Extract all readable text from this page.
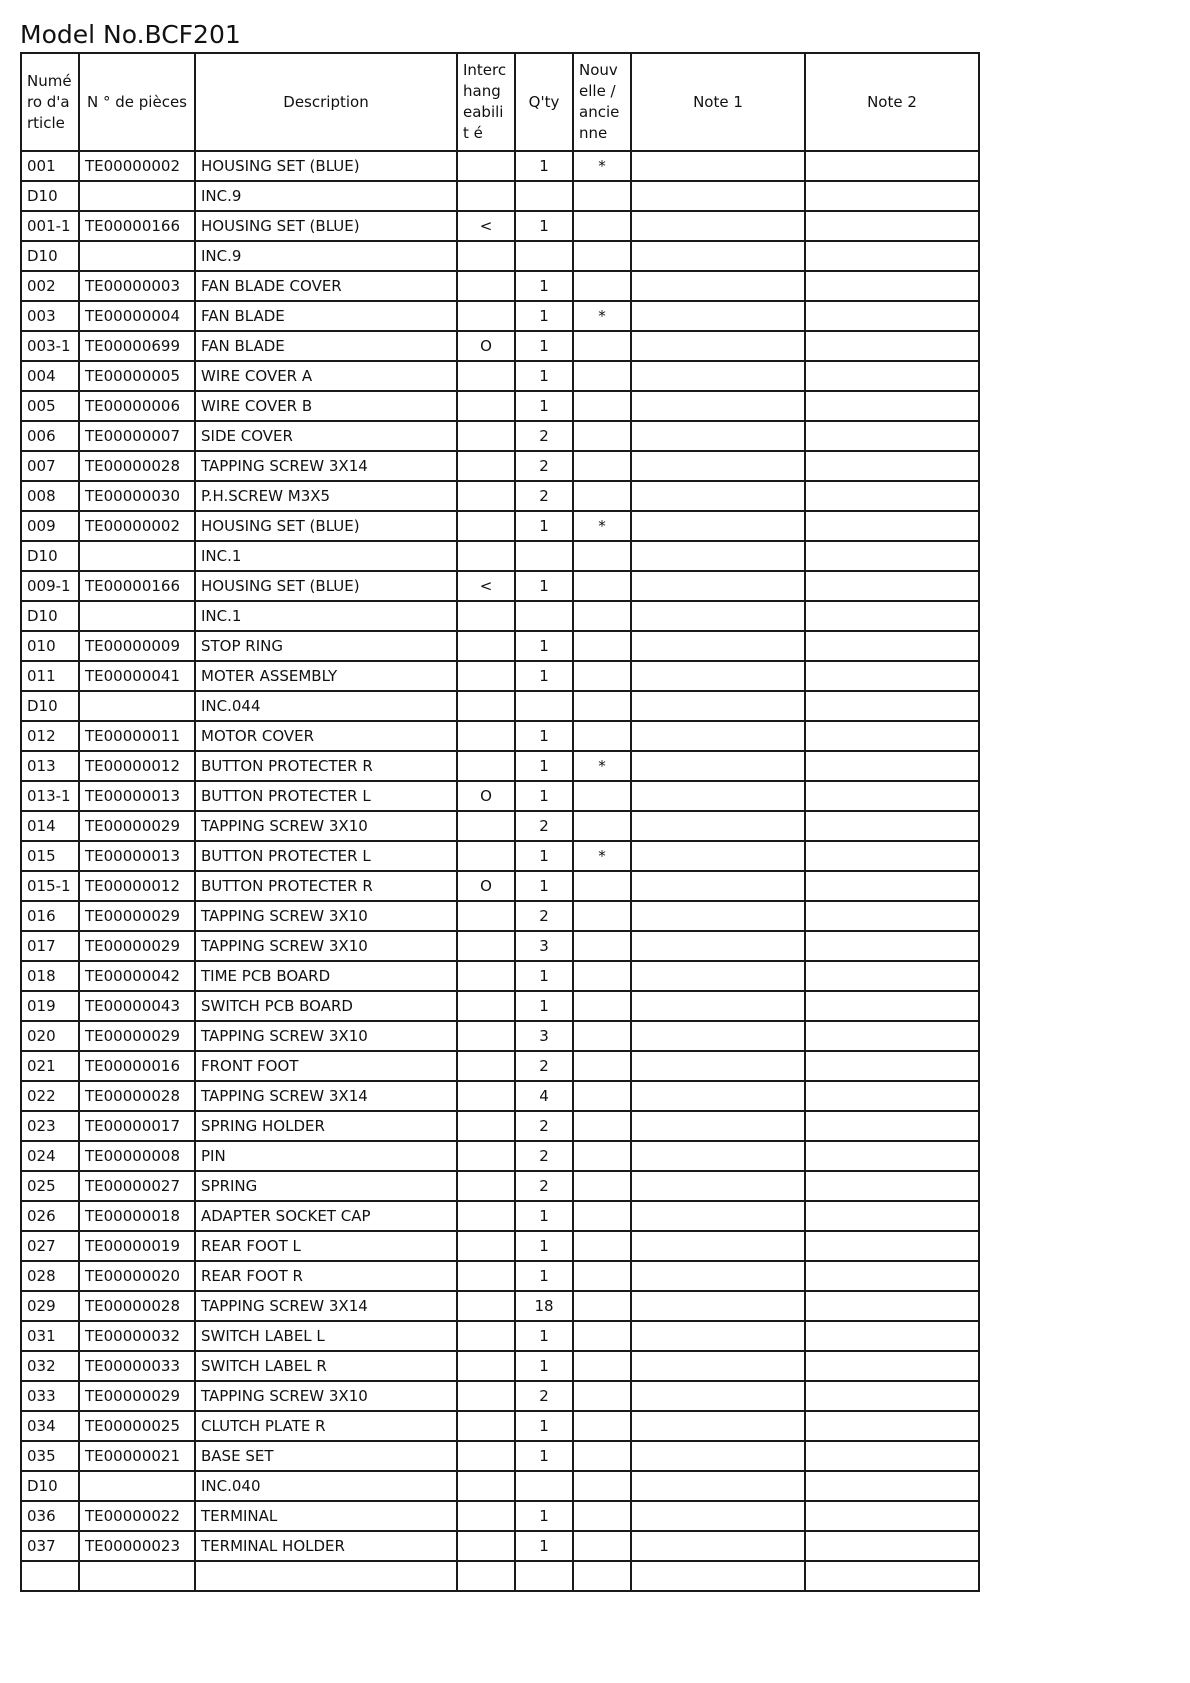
Model No.BCF201
Numé ro d'a rticle	N ° de pièces	Description	Interc hang eabilit é	Q'ty	Nouv elle / ancie nne	Note 1	Note 2
001	TE00000002	HOUSING SET (BLUE)		1	*		
D10		INC.9					
001-1	TE00000166	HOUSING SET (BLUE)	<	1			
D10		INC.9					
002	TE00000003	FAN BLADE COVER		1			
003	TE00000004	FAN BLADE		1	*		
003-1	TE00000699	FAN BLADE	O	1			
004	TE00000005	WIRE COVER A		1			
005	TE00000006	WIRE COVER B		1			
006	TE00000007	SIDE COVER		2			
007	TE00000028	TAPPING SCREW 3X14		2			
008	TE00000030	P.H.SCREW M3X5		2			
009	TE00000002	HOUSING SET (BLUE)		1	*		
D10		INC.1					
009-1	TE00000166	HOUSING SET (BLUE)	<	1			
D10		INC.1					
010	TE00000009	STOP RING		1			
011	TE00000041	MOTER ASSEMBLY		1			
D10		INC.044					
012	TE00000011	MOTOR COVER		1			
013	TE00000012	BUTTON PROTECTER R		1	*		
013-1	TE00000013	BUTTON PROTECTER L	O	1			
014	TE00000029	TAPPING SCREW 3X10		2			
015	TE00000013	BUTTON PROTECTER L		1	*		
015-1	TE00000012	BUTTON PROTECTER R	O	1			
016	TE00000029	TAPPING SCREW 3X10		2			
017	TE00000029	TAPPING SCREW 3X10		3			
018	TE00000042	TIME PCB BOARD		1			
019	TE00000043	SWITCH PCB BOARD		1			
020	TE00000029	TAPPING SCREW 3X10		3			
021	TE00000016	FRONT FOOT		2			
022	TE00000028	TAPPING SCREW 3X14		4			
023	TE00000017	SPRING HOLDER		2			
024	TE00000008	PIN		2			
025	TE00000027	SPRING		2			
026	TE00000018	ADAPTER SOCKET CAP		1			
027	TE00000019	REAR FOOT L		1			
028	TE00000020	REAR FOOT R		1			
029	TE00000028	TAPPING SCREW 3X14		18			
031	TE00000032	SWITCH LABEL L		1			
032	TE00000033	SWITCH LABEL R		1			
033	TE00000029	TAPPING SCREW 3X10		2			
034	TE00000025	CLUTCH PLATE R		1			
035	TE00000021	BASE SET		1			
D10		INC.040					
036	TE00000022	TERMINAL		1			
037	TE00000023	TERMINAL HOLDER		1			
